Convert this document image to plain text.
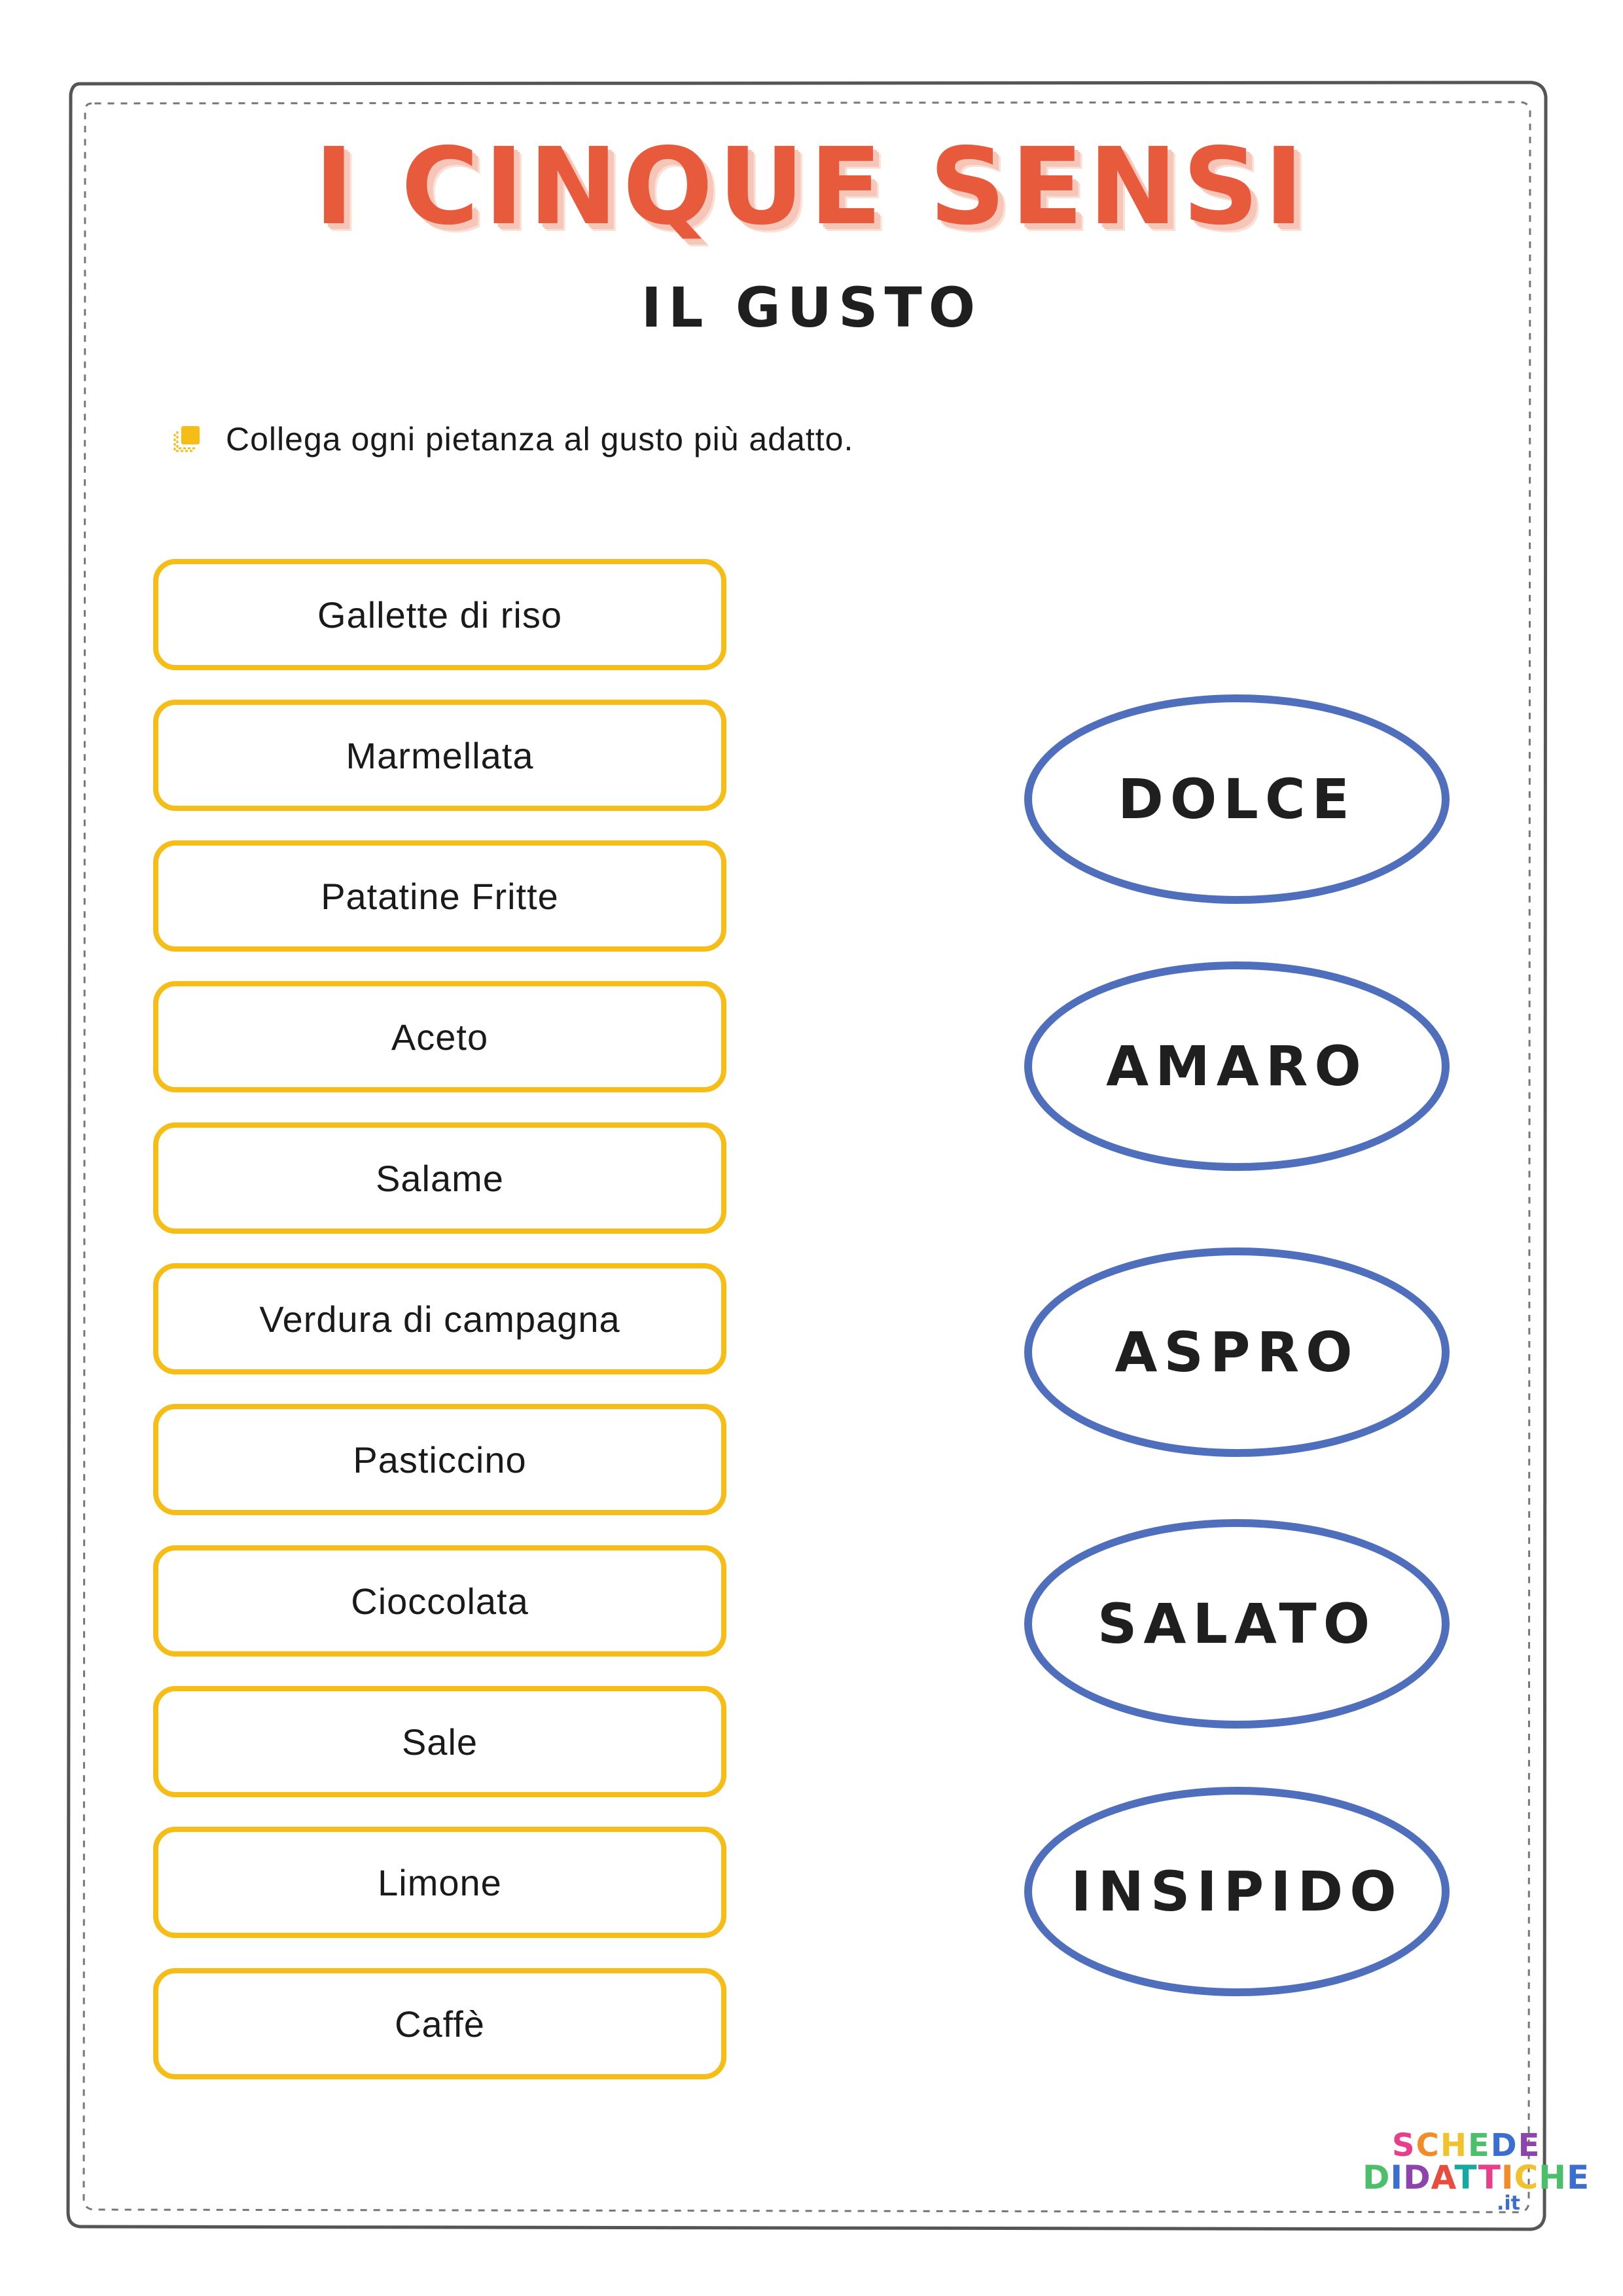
I CINQUE SENSI
IL GUSTO
Collega ogni pietanza al gusto più adatto.
Gallette di riso
Marmellata
Patatine Fritte
Aceto
Salame
Verdura di campagna
Pasticcino
Cioccolata
Sale
Limone
Caffè
DOLCE
AMARO
ASPRO
SALATO
INSIPIDO
SCHEDE
DIDATTICHE
.it
